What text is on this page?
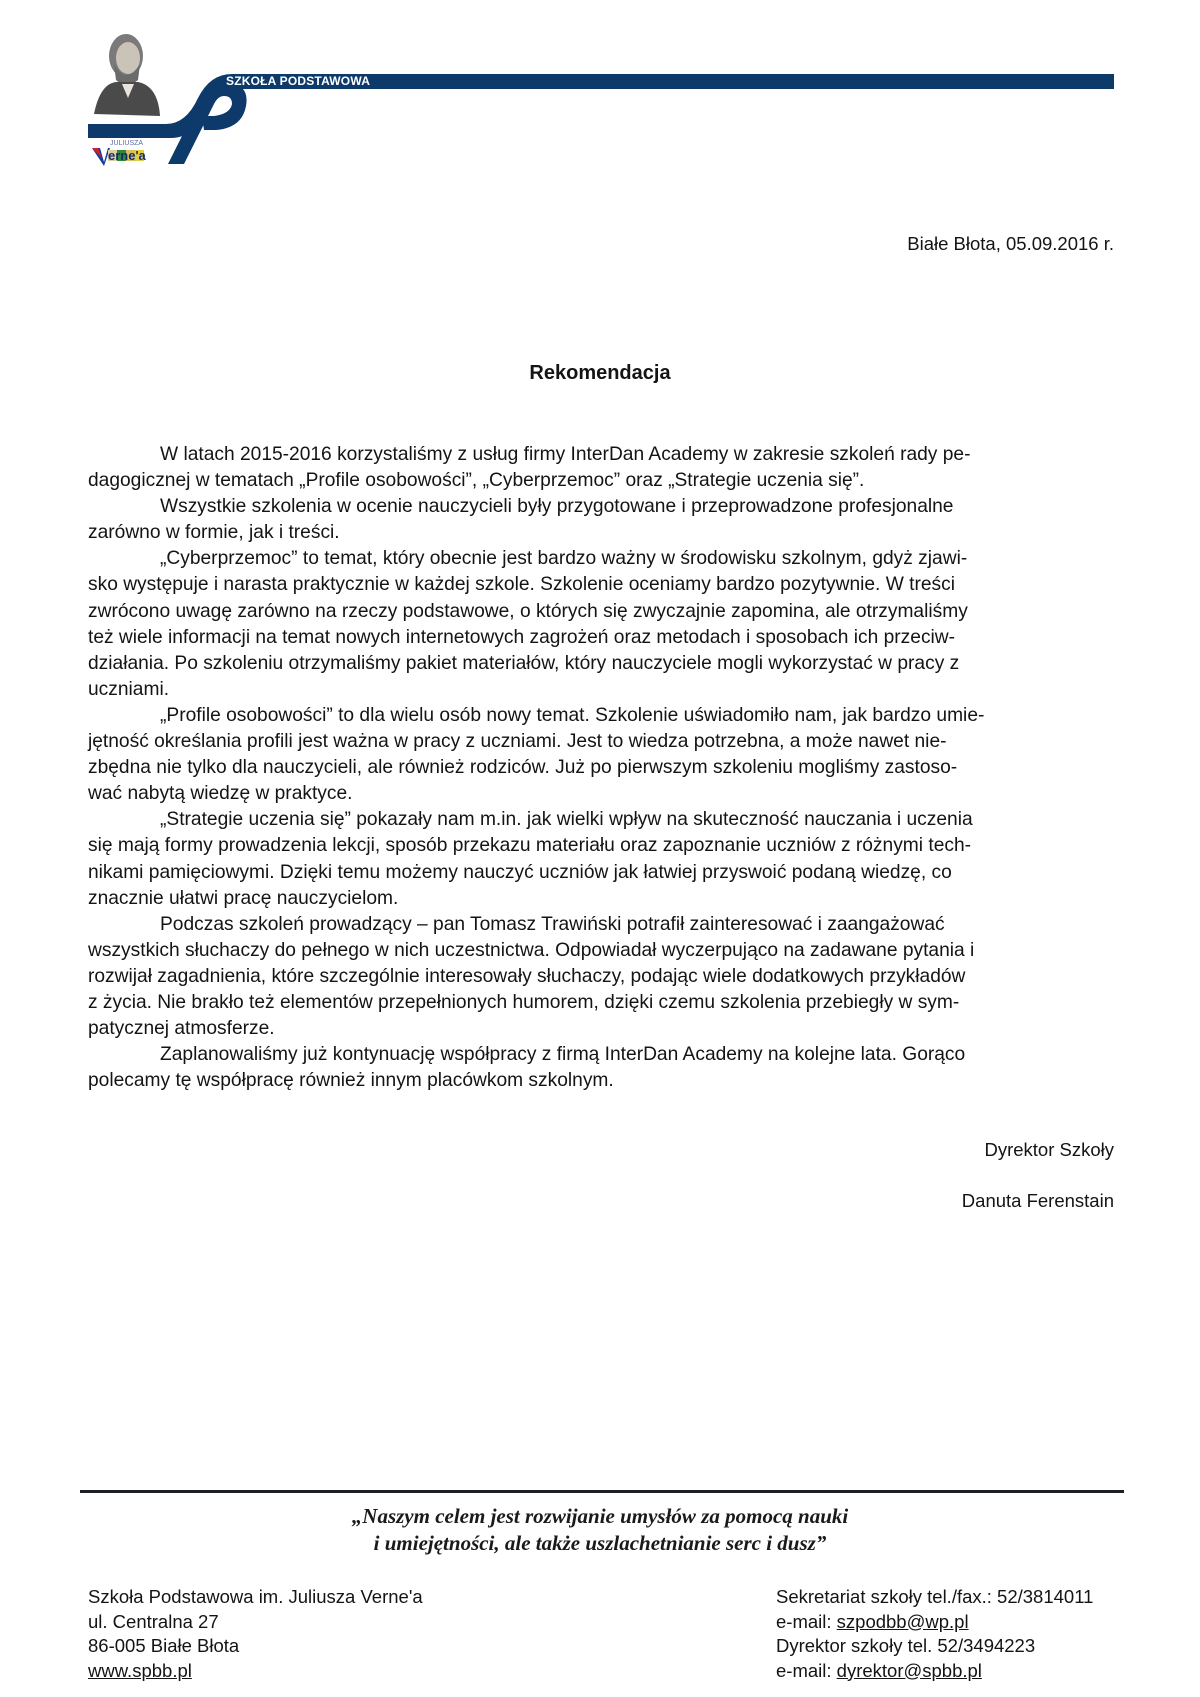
JULIUSZA
erne'a
SZKOŁA PODSTAWOWA
Białe Błota, 05.09.2016 r.
Rekomendacja

W latach 2015-2016 korzystaliśmy z usług firmy InterDan Academy w zakresie szkoleń rady pe-
dagogicznej w tematach „Profile osobowości”, „Cyberprzemoc” oraz „Strategie uczenia się”.

Wszystkie szkolenia w ocenie nauczycieli były przygotowane i przeprowadzone profesjonalne
zarówno w formie, jak i treści.

„Cyberprzemoc” to temat, który obecnie jest bardzo ważny w środowisku szkolnym, gdyż zjawi-
sko występuje i narasta praktycznie w każdej szkole. Szkolenie oceniamy bardzo pozytywnie. W treści
zwrócono uwagę zarówno na rzeczy podstawowe, o których się zwyczajnie zapomina, ale otrzymaliśmy
też wiele informacji na temat nowych internetowych zagrożeń oraz metodach i sposobach ich przeciw-
działania. Po szkoleniu otrzymaliśmy pakiet materiałów, który nauczyciele mogli wykorzystać w pracy z
uczniami.

„Profile osobowości” to dla wielu osób nowy temat. Szkolenie uświadomiło nam, jak bardzo umie-
jętność określania profili jest ważna w pracy z uczniami. Jest to wiedza potrzebna, a może nawet nie-
zbędna nie tylko dla nauczycieli, ale również rodziców. Już po pierwszym szkoleniu mogliśmy zastoso-
wać nabytą wiedzę w praktyce.

„Strategie uczenia się” pokazały nam m.in. jak wielki wpływ na skuteczność nauczania i uczenia
się mają formy prowadzenia lekcji, sposób przekazu materiału oraz zapoznanie uczniów z różnymi tech-
nikami pamięciowymi. Dzięki temu możemy nauczyć uczniów jak łatwiej przyswoić podaną wiedzę, co
znacznie ułatwi pracę nauczycielom.

Podczas szkoleń prowadzący – pan Tomasz Trawiński potrafił zainteresować i zaangażować
wszystkich słuchaczy do pełnego w nich uczestnictwa. Odpowiadał wyczerpująco na zadawane pytania i
rozwijał zagadnienia, które szczególnie interesowały słuchaczy, podając wiele dodatkowych przykładów
z życia. Nie brakło też elementów przepełnionych humorem, dzięki czemu szkolenia przebiegły w sym-
patycznej atmosferze.

Zaplanowaliśmy już kontynuację współpracy z firmą InterDan Academy na kolejne lata. Gorąco
polecamy tę współpracę również innym placówkom szkolnym.

Dyrektor Szkoły
Danuta Ferenstain
„Naszym celem jest rozwijanie umysłów za pomocą nauki
i umiejętności, ale także uszlachetnianie serc i dusz”
Szkoła Podstawowa im. Juliusza Verne'a
ul. Centralna 27
86-005 Białe Błota
www.spbb.pl
Sekretariat szkoły tel./fax.: 52/3814011
e-mail: szpodbb@wp.pl
Dyrektor szkoły tel. 52/3494223
e-mail: dyrektor@spbb.pl
